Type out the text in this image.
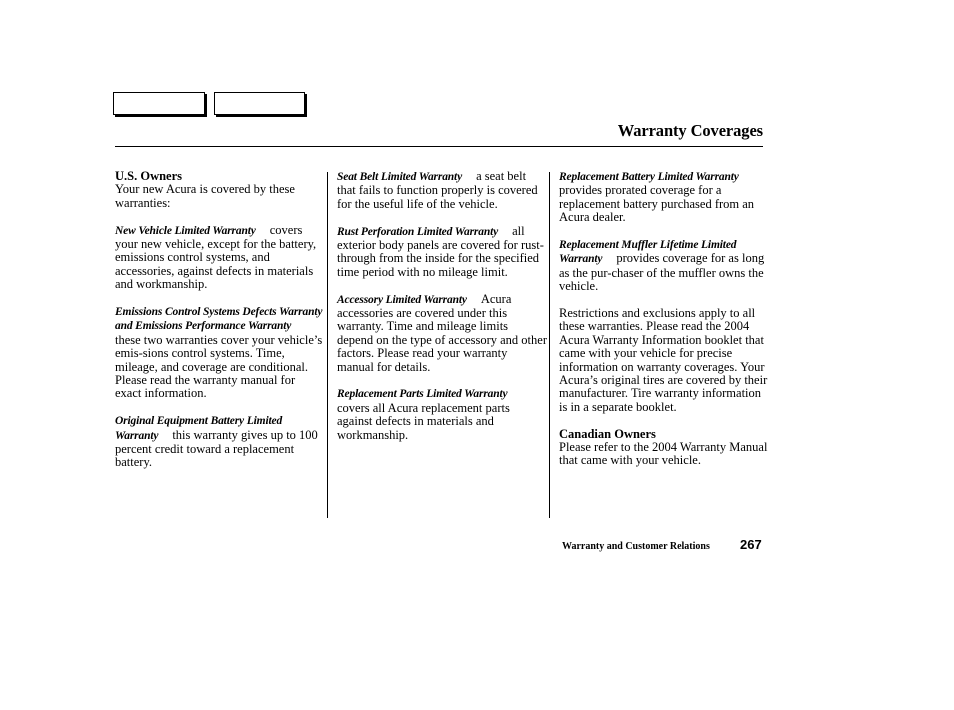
Warranty Coverages

U.S. Owners
Your new Acura is covered by these warranties:

New Vehicle Limited Warranty covers your new vehicle, except for the battery, emissions control systems, and accessories, against defects in materials and workmanship.

Emissions Control Systems Defects Warranty and Emissions Performance Warrantythese two warranties cover your vehicle’s emis-sions control systems. Time, mileage, and coverage are conditional. Please read the warranty manual for exact information.

Original Equipment Battery Limited Warranty this warranty gives up to 100 percent credit toward a replacement battery.

Seat Belt Limited Warranty a seat belt that fails to function properly is covered for the useful life of the vehicle.

Rust Perforation Limited Warranty all exterior body panels are covered for rust-through from the inside for the specified time period with no mileage limit.

Accessory Limited Warranty Acura accessories are covered under this warranty. Time and mileage limits depend on the type of accessory and other factors. Please read your warranty manual for details.

Replacement Parts Limited Warrantycovers all Acura replacement parts against defects in materials and workmanship.

Replacement Battery Limited Warrantyprovides prorated coverage for a replacement battery purchased from an Acura dealer.

Replacement Muffler Lifetime Limited Warranty provides coverage for as long as the pur-chaser of the muffler owns the vehicle.

Restrictions and exclusions apply to all these warranties. Please read the 2004 Acura Warranty Information booklet that came with your vehicle for precise information on warranty coverages. Your Acura’s original tires are covered by their manufacturer. Tire warranty information is in a separate booklet.

Canadian Owners
Please refer to the 2004 Warranty Manual that came with your vehicle.

Warranty and Customer Relations 267
